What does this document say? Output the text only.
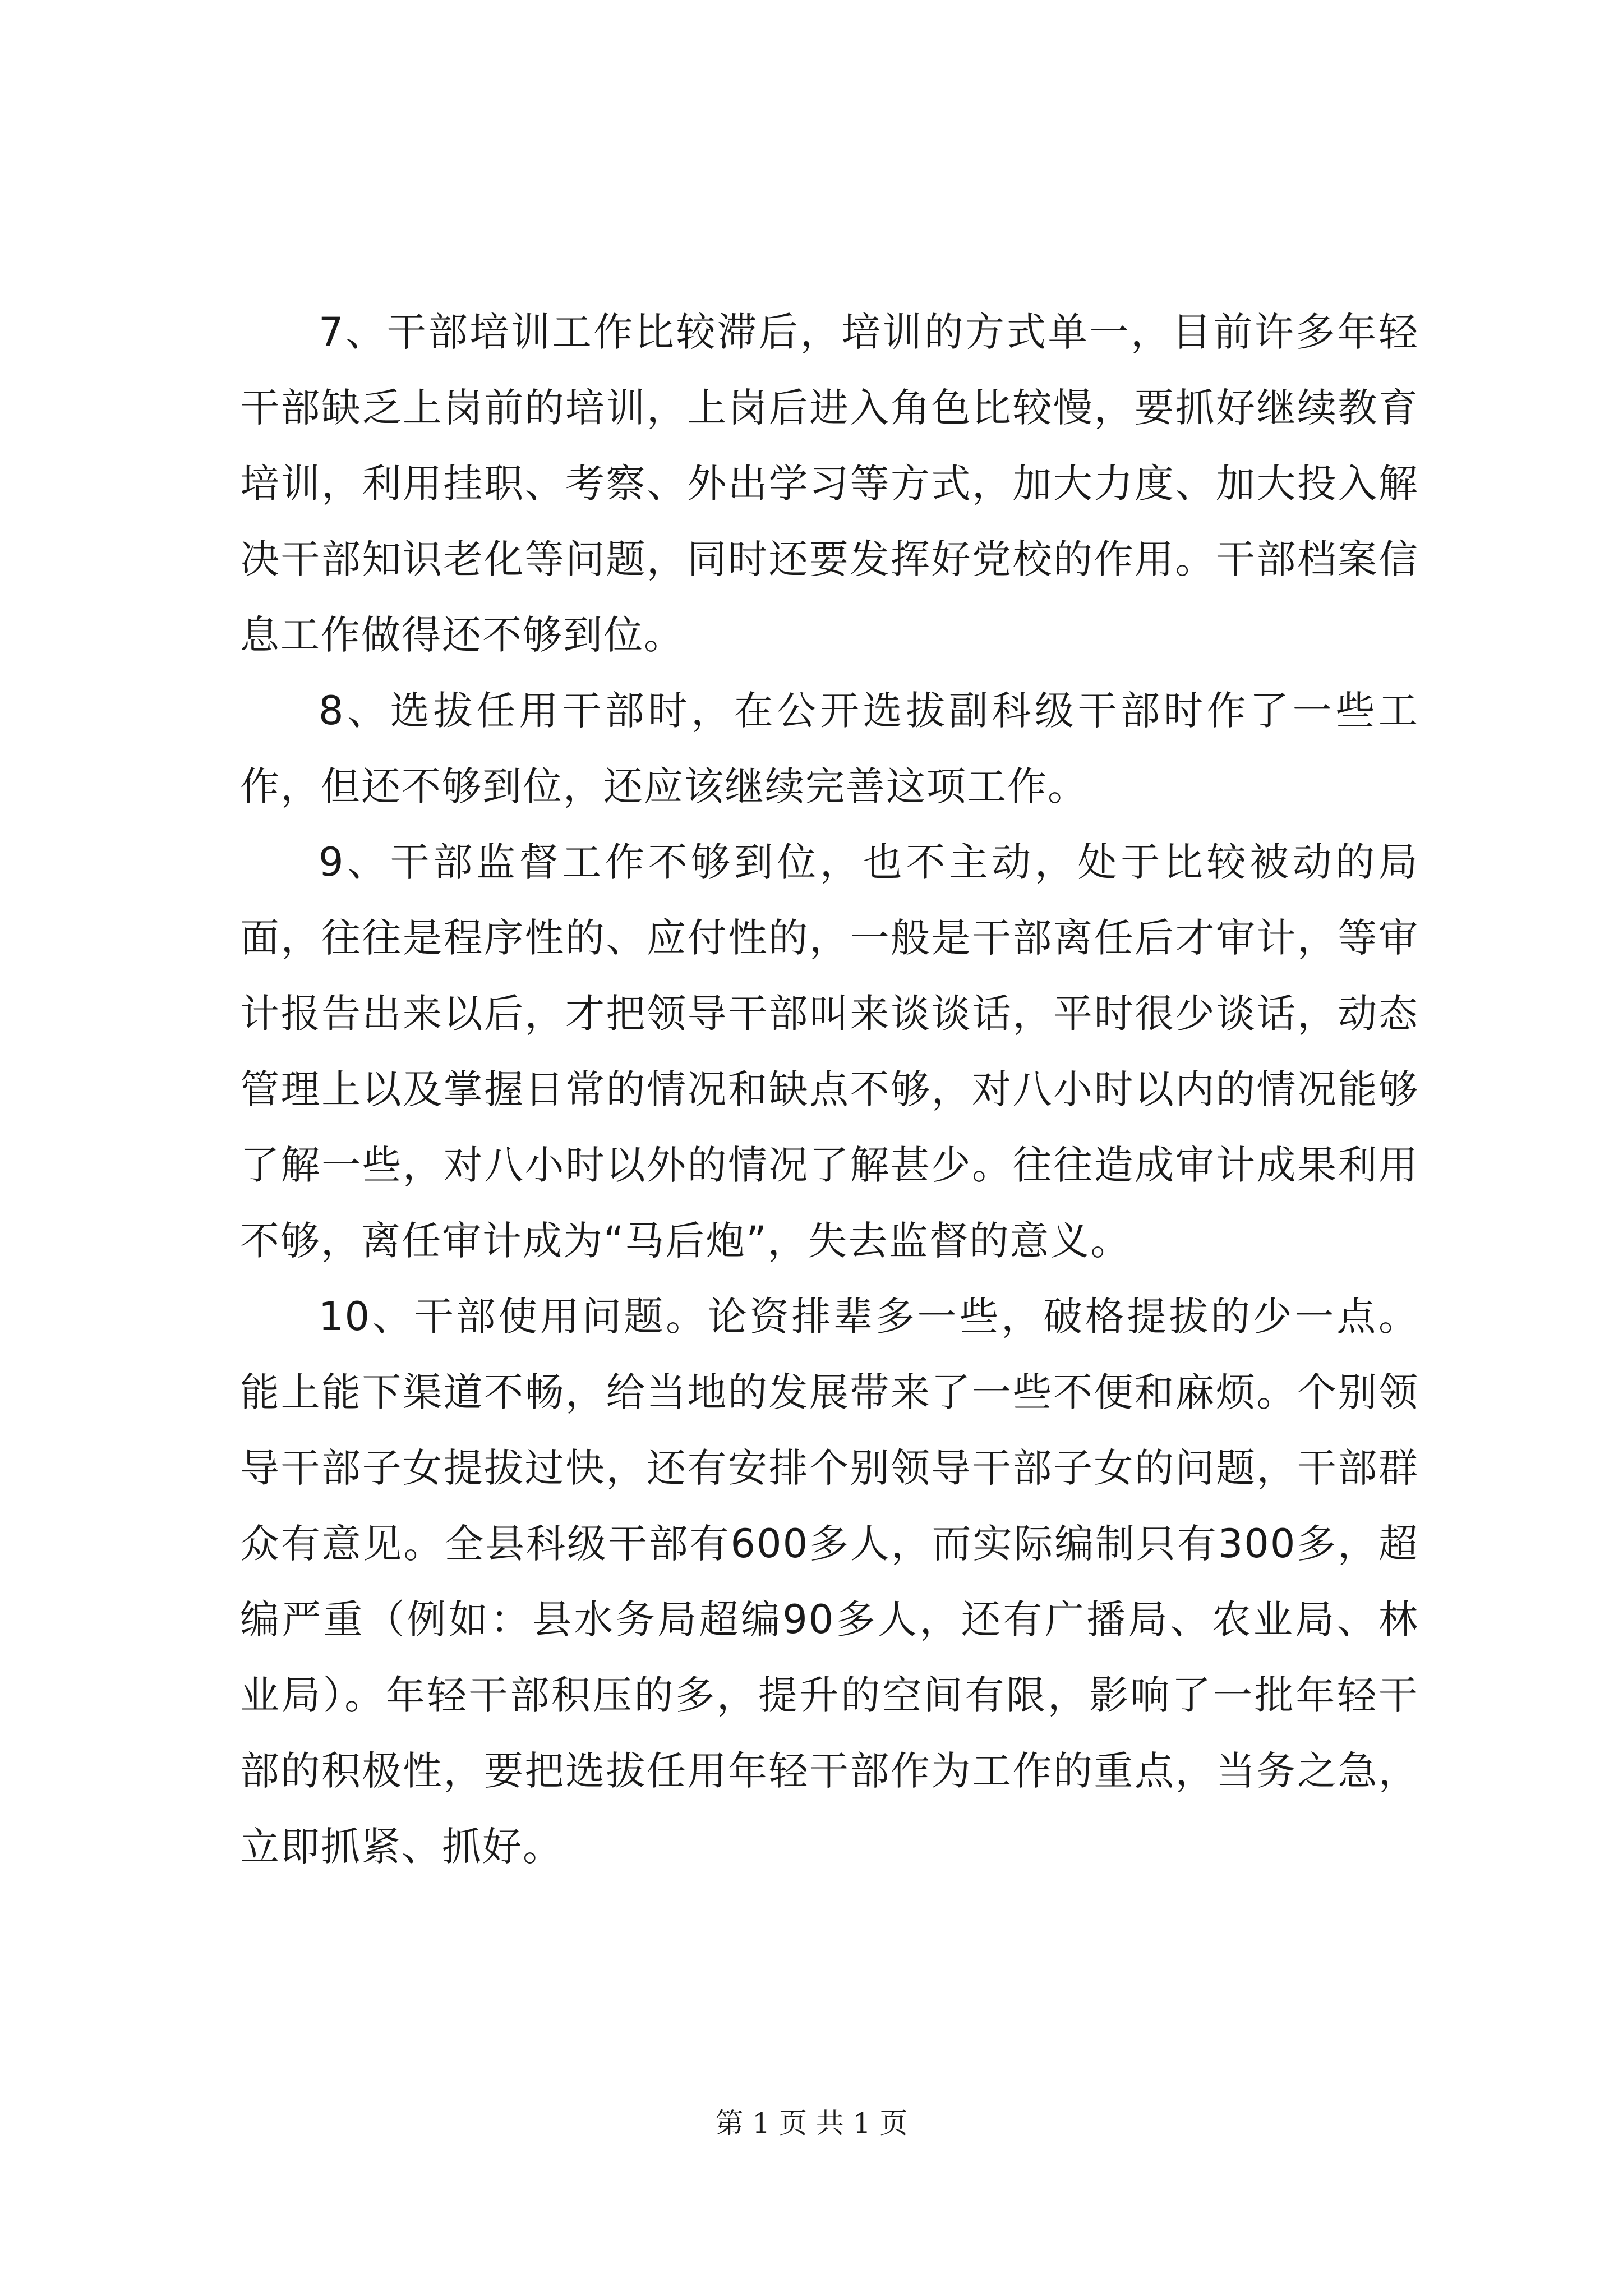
7、干部培训工作比较滞后，培训的方式单一，目前许多年轻干部缺乏上岗前的培训，上岗后进入角色比较慢，要抓好继续教育培训，利用挂职、考察、外出学习等方式，加大力度、加大投入解决干部知识老化等问题，同时还要发挥好党校的作用。干部档案信息工作做得还不够到位。

8、选拔任用干部时，在公开选拔副科级干部时作了一些工作，但还不够到位，还应该继续完善这项工作。

9、干部监督工作不够到位，也不主动，处于比较被动的局面，往往是程序性的、应付性的，一般是干部离任后才审计，等审计报告出来以后，才把领导干部叫来谈谈话，平时很少谈话，动态管理上以及掌握日常的情况和缺点不够，对八小时以内的情况能够了解一些，对八小时以外的情况了解甚少。往往造成审计成果利用不够，离任审计成为“马后炮”，失去监督的意义。

10、干部使用问题。论资排辈多一些，破格提拔的少一点。能上能下渠道不畅，给当地的发展带来了一些不便和麻烦。个别领导干部子女提拔过快，还有安排个别领导干部子女的问题，干部群众有意见。全县科级干部有600多人，而实际编制只有300多，超编严重（例如：县水务局超编90多人，还有广播局、农业局、林业局）。年轻干部积压的多，提升的空间有限，影响了一批年轻干部的积极性，要把选拔任用年轻干部作为工作的重点，当务之急，立即抓紧、抓好。

第 1 页 共 1 页
